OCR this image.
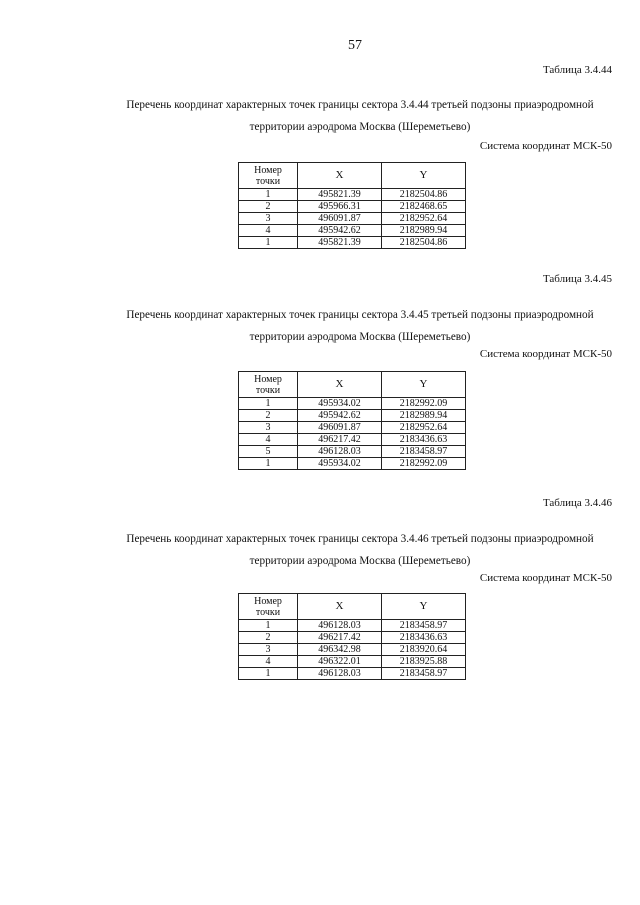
57
Таблица 3.4.44
Перечень координат характерных точек границы сектора 3.4.44 третьей подзоны приаэродромной
территории аэродрома Москва (Шереметьево)
Система координат МСК-50
Номер
точки	X	Y
1	495821.39	2182504.86
2	495966.31	2182468.65
3	496091.87	2182952.64
4	495942.62	2182989.94
1	495821.39	2182504.86
Таблица 3.4.45
Перечень координат характерных точек границы сектора 3.4.45 третьей подзоны приаэродромной
территории аэродрома Москва (Шереметьево)
Система координат МСК-50
Номер
точки	X	Y
1	495934.02	2182992.09
2	495942.62	2182989.94
3	496091.87	2182952.64
4	496217.42	2183436.63
5	496128.03	2183458.97
1	495934.02	2182992.09
Таблица 3.4.46
Перечень координат характерных точек границы сектора 3.4.46 третьей подзоны приаэродромной
территории аэродрома Москва (Шереметьево)
Система координат МСК-50
Номер
точки	X	Y
1	496128.03	2183458.97
2	496217.42	2183436.63
3	496342.98	2183920.64
4	496322.01	2183925.88
1	496128.03	2183458.97
